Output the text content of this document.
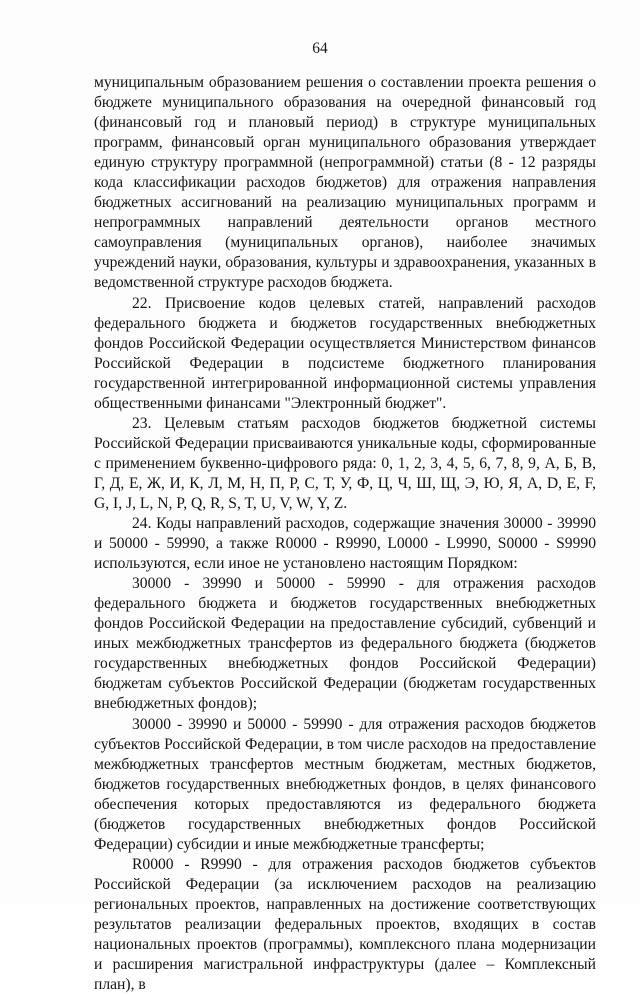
64

муниципальным образованием решения о составлении проекта решения о бюджете муниципального образования на очередной финансовый год (финансовый год и плановый период) в структуре муниципальных программ, финансовый орган муниципального образования утверждает единую структуру программной (непрограммной) статьи (8 - 12 разряды кода классификации расходов бюджетов) для отражения направления бюджетных ассигнований на реализацию муниципальных программ и непрограммных направлений деятельности органов местного самоуправления (муниципальных органов), наиболее значимых учреждений науки, образования, культуры и здравоохранения, указанных в ведомственной структуре расходов бюджета.

22. Присвоение кодов целевых статей, направлений расходов федерального бюджета и бюджетов государственных внебюджетных фондов Российской Федерации осуществляется Министерством финансов Российской Федерации в подсистеме бюджетного планирования государственной интегрированной информационной системы управления общественными финансами "Электронный бюджет".

23. Целевым статьям расходов бюджетов бюджетной системы Российской Федерации присваиваются уникальные коды, сформированные с применением буквенно-цифрового ряда: 0, 1, 2, 3, 4, 5, 6, 7, 8, 9, А, Б, В, Г, Д, Е, Ж, И, К, Л, М, Н, П, Р, С, Т, У, Ф, Ц, Ч, Ш, Щ, Э, Ю, Я, A, D, E, F, G, I, J, L, N, P, Q, R, S, T, U, V, W, Y, Z.

24. Коды направлений расходов, содержащие значения 30000 - 39990 и 50000 - 59990, а также R0000 - R9990, L0000 - L9990, S0000 - S9990 используются, если иное не установлено настоящим Порядком:

30000 - 39990 и 50000 - 59990 - для отражения расходов федерального бюджета и бюджетов государственных внебюджетных фондов Российской Федерации на предоставление субсидий, субвенций и иных межбюджетных трансфертов из федерального бюджета (бюджетов государственных внебюджетных фондов Российской Федерации) бюджетам субъектов Российской Федерации (бюджетам государственных внебюджетных фондов);

30000 - 39990 и 50000 - 59990 - для отражения расходов бюджетов субъектов Российской Федерации, в том числе расходов на предоставление межбюджетных трансфертов местным бюджетам, местных бюджетов, бюджетов государственных внебюджетных фондов, в целях финансового обеспечения которых предоставляются из федерального бюджета (бюджетов государственных внебюджетных фондов Российской Федерации) субсидии и иные межбюджетные трансферты;

R0000 - R9990 - для отражения расходов бюджетов субъектов Российской Федерации (за исключением расходов на реализацию региональных проектов, направленных на достижение соответствующих результатов реализации федеральных проектов, входящих в состав национальных проектов (программы), комплексного плана модернизации и расширения магистральной инфраструктуры (далее – Комплексный план), в
